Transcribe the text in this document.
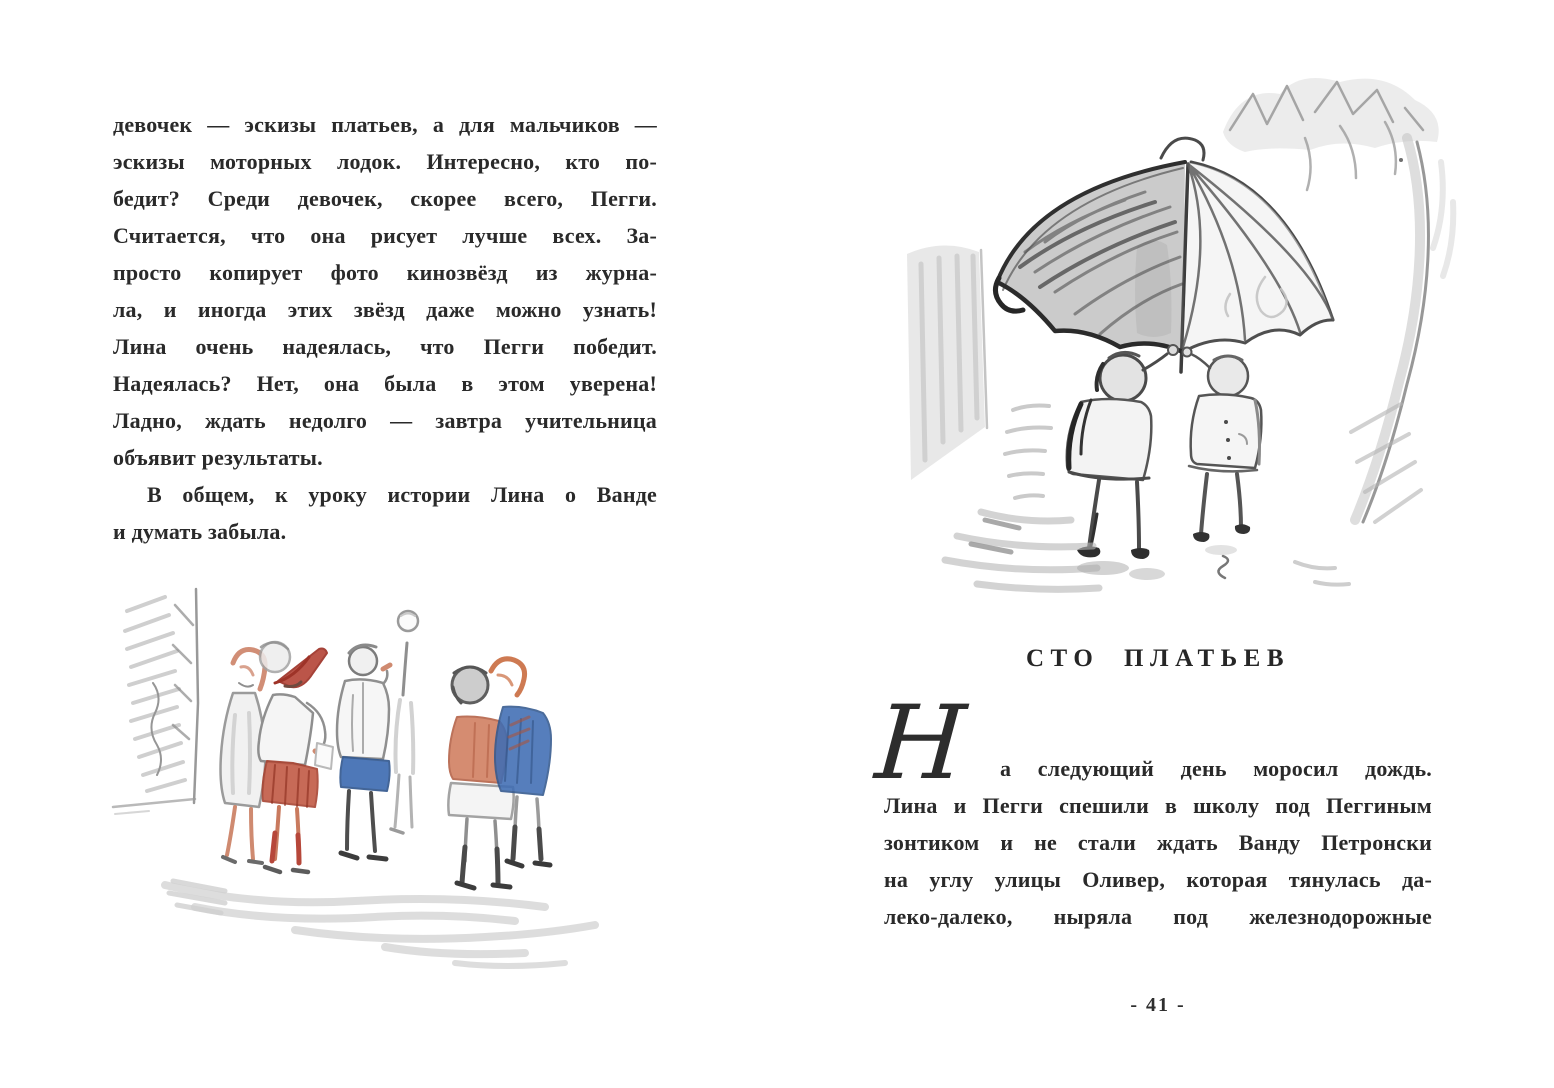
девочек — эскизы платьев, а для мальчиков —
эскизы моторных лодок. Интересно, кто по-
бедит? Среди девочек, скорее всего, Пегги.
Считается, что она рисует лучше всех. За-
просто копирует фото кинозвёзд из журна-
ла, и иногда этих звёзд даже можно узнать!
Лина очень надеялась, что Пегги победит.
Надеялась? Нет, она была в этом уверена!
Ладно, ждать недолго — завтра учительница
объявит результаты.
В общем, к уроку истории Лина о Ванде
и думать забыла.
СТО ПЛАТЬЕВ
Н а следующий день моросил дождь.
Лина и Пегги спешили в школу под Пеггиным
зонтиком и не стали ждать Ванду Петронски
на углу улицы Оливер, которая тянулась да-
леко-далеко, ныряла под железнодорожные
- 41 -
